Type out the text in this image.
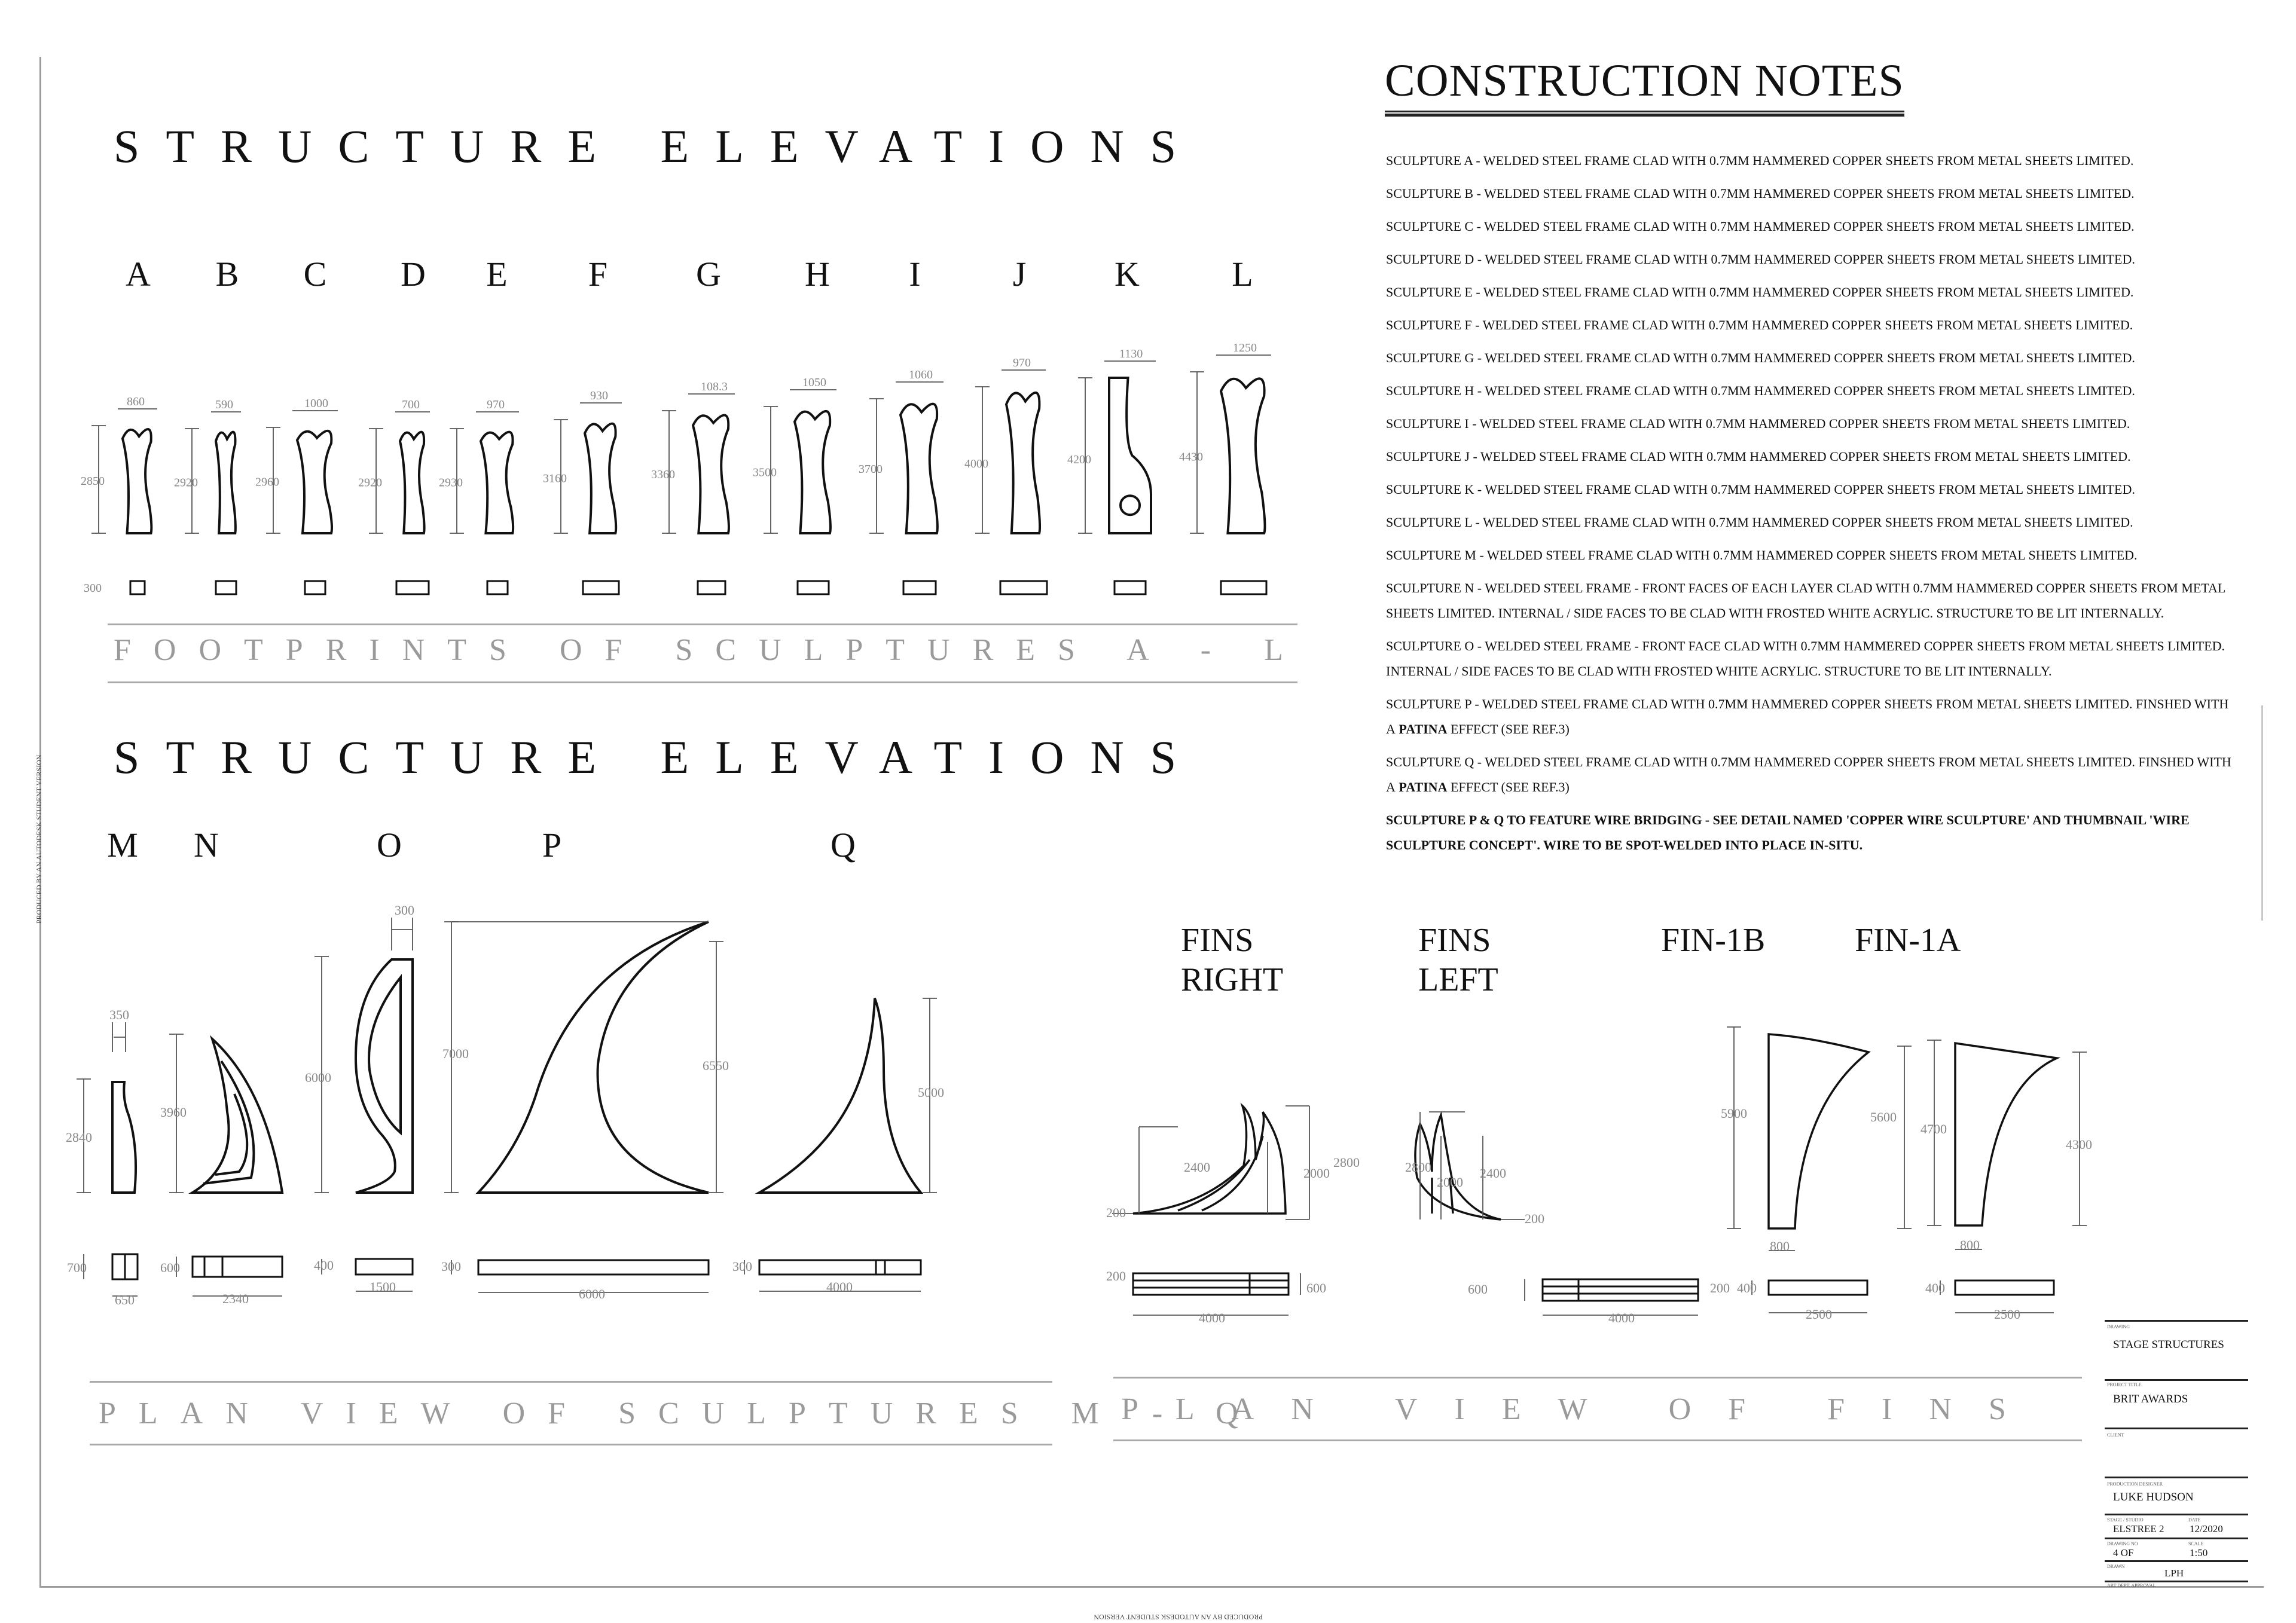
PRODUCED BY AN AUTODESK STUDENT VERSION
PRODUCED BY AN AUTODESK STUDENT VERSION
STRUCTURE ELEVATIONS
A	B	C	D	E	F	G	H	I	J	K	L
2850
860
2920
590
2960
1000
2920
700
2930
970
3160
930
3360
108.3
3500
1050
3700
1060
4000
970
4200
1130
4430
1250
300
FOOTPRINTS OF SCULPTURES A - L
STRUCTURE ELEVATIONS
M	N	O	P	Q
2840
350
3960
6000
300
7000
6550
5000
700
650
600
2340
400
1500
300
6000
300
4000
PLAN VIEW OF SCULPTURES M - Q
FINS
RIGHT
FINS
LEFT
FIN-1B	FIN-1A
200
2400	2000
2800	2800
2000
2400
200
5900	5600
800
4700
4300
800
200
600
4000
600	200
4000
400
2500
400
2500
PLAN VIEW OF FINS
CONSTRUCTION NOTES

SCULPTURE A - WELDED STEEL FRAME CLAD WITH 0.7MM HAMMERED COPPER SHEETS FROM METAL SHEETS LIMITED.

SCULPTURE B - WELDED STEEL FRAME CLAD WITH 0.7MM HAMMERED COPPER SHEETS FROM METAL SHEETS LIMITED.

SCULPTURE C - WELDED STEEL FRAME CLAD WITH 0.7MM HAMMERED COPPER SHEETS FROM METAL SHEETS LIMITED.

SCULPTURE D - WELDED STEEL FRAME CLAD WITH 0.7MM HAMMERED COPPER SHEETS FROM METAL SHEETS LIMITED.

SCULPTURE E - WELDED STEEL FRAME CLAD WITH 0.7MM HAMMERED COPPER SHEETS FROM METAL SHEETS LIMITED.

SCULPTURE F - WELDED STEEL FRAME CLAD WITH 0.7MM HAMMERED COPPER SHEETS FROM METAL SHEETS LIMITED.

SCULPTURE G - WELDED STEEL FRAME CLAD WITH 0.7MM HAMMERED COPPER SHEETS FROM METAL SHEETS LIMITED.

SCULPTURE H - WELDED STEEL FRAME CLAD WITH 0.7MM HAMMERED COPPER SHEETS FROM METAL SHEETS LIMITED.

SCULPTURE I - WELDED STEEL FRAME CLAD WITH 0.7MM HAMMERED COPPER SHEETS FROM METAL SHEETS LIMITED.

SCULPTURE J - WELDED STEEL FRAME CLAD WITH 0.7MM HAMMERED COPPER SHEETS FROM METAL SHEETS LIMITED.

SCULPTURE K - WELDED STEEL FRAME CLAD WITH 0.7MM HAMMERED COPPER SHEETS FROM METAL SHEETS LIMITED.

SCULPTURE L - WELDED STEEL FRAME CLAD WITH 0.7MM HAMMERED COPPER SHEETS FROM METAL SHEETS LIMITED.

SCULPTURE M - WELDED STEEL FRAME CLAD WITH 0.7MM HAMMERED COPPER SHEETS FROM METAL SHEETS LIMITED.

SCULPTURE N - WELDED STEEL FRAME - FRONT FACES OF EACH LAYER CLAD WITH 0.7MM HAMMERED COPPER SHEETS FROM METAL SHEETS LIMITED. INTERNAL / SIDE FACES TO BE CLAD WITH FROSTED WHITE ACRYLIC. STRUCTURE TO BE LIT INTERNALLY.

SCULPTURE O - WELDED STEEL FRAME - FRONT FACE CLAD WITH 0.7MM HAMMERED COPPER SHEETS FROM METAL SHEETS LIMITED. INTERNAL / SIDE FACES TO BE CLAD WITH FROSTED WHITE ACRYLIC. STRUCTURE TO BE LIT INTERNALLY.

SCULPTURE P - WELDED STEEL FRAME CLAD WITH 0.7MM HAMMERED COPPER SHEETS FROM METAL SHEETS LIMITED. FINSHED WITH A PATINA EFFECT (SEE REF.3)

SCULPTURE Q - WELDED STEEL FRAME CLAD WITH 0.7MM HAMMERED COPPER SHEETS FROM METAL SHEETS LIMITED. FINSHED WITH A PATINA EFFECT (SEE REF.3)

SCULPTURE P & Q TO FEATURE WIRE BRIDGING - SEE DETAIL NAMED 'COPPER WIRE SCULPTURE' AND THUMBNAIL 'WIRE SCULPTURE CONCEPT'. WIRE TO BE SPOT-WELDED INTO PLACE IN-SITU.

DRAWING
STAGE STRUCTURES
PROJECT TITLE
BRIT AWARDS
CLIENT
PRODUCTION DESIGNER
LUKE HUDSON
STAGE / STUDIO
ELSTREE 2
DATE
12/2020
DRAWING NO
4 OF
SCALE
1:50
DRAWN
LPH
ART DEPT. APPROVAL
